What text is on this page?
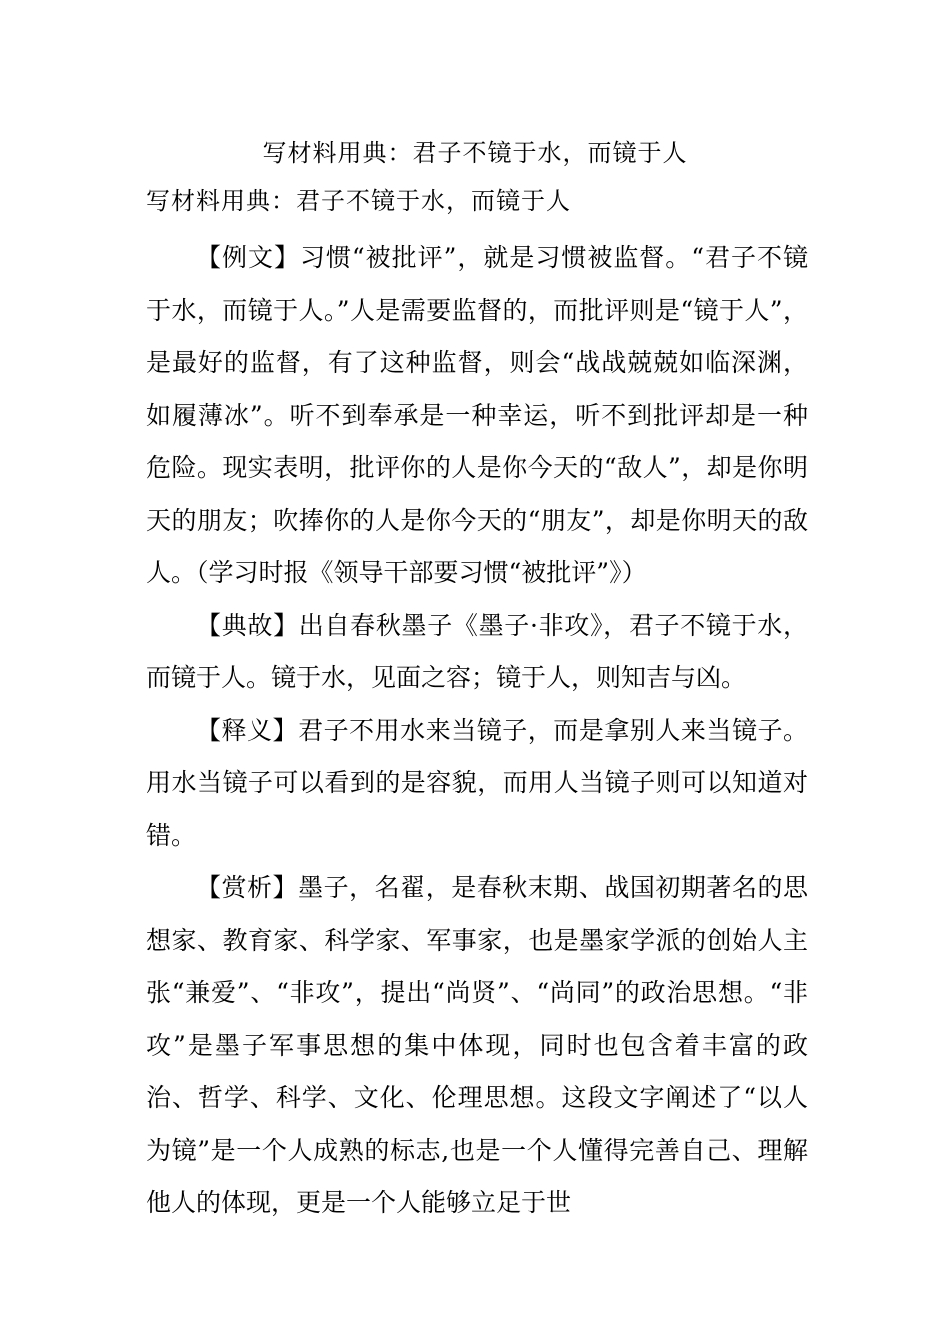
写材料用典：君子不镜于水，而镜于人
写材料用典：君子不镜于水，而镜于人

【例文】习惯“被批评”，就是习惯被监督。“君子不镜于水，而镜于人。”人是需要监督的，而批评则是“镜于人”，是最好的监督，有了这种监督，则会“战战兢兢如临深渊，如履薄冰”。听不到奉承是一种幸运，听不到批评却是一种危险。现实表明，批评你的人是你今天的“敌人”，却是你明天的朋友；吹捧你的人是你今天的“朋友”，却是你明天的敌人。（学习时报《领导干部要习惯“被批评”》）

【典故】出自春秋墨子《墨子·非攻》，君子不镜于水，而镜于人。镜于水，见面之容；镜于人，则知吉与凶。

【释义】君子不用水来当镜子，而是拿别人来当镜子。用水当镜子可以看到的是容貌，而用人当镜子则可以知道对错。

【赏析】墨子，名翟，是春秋末期、战国初期著名的思想家、教育家、科学家、军事家，也是墨家学派的创始人主张“兼爱”、“非攻”，提出“尚贤”、“尚同”的政治思想。“非攻”是墨子军事思想的集中体现，同时也包含着丰富的政治、哲学、科学、文化、伦理思想。这段文字阐述了“以人为镜”是一个人成熟的标志,也是一个人懂得完善自己、理解他人的体现，更是一个人能够立足于世
